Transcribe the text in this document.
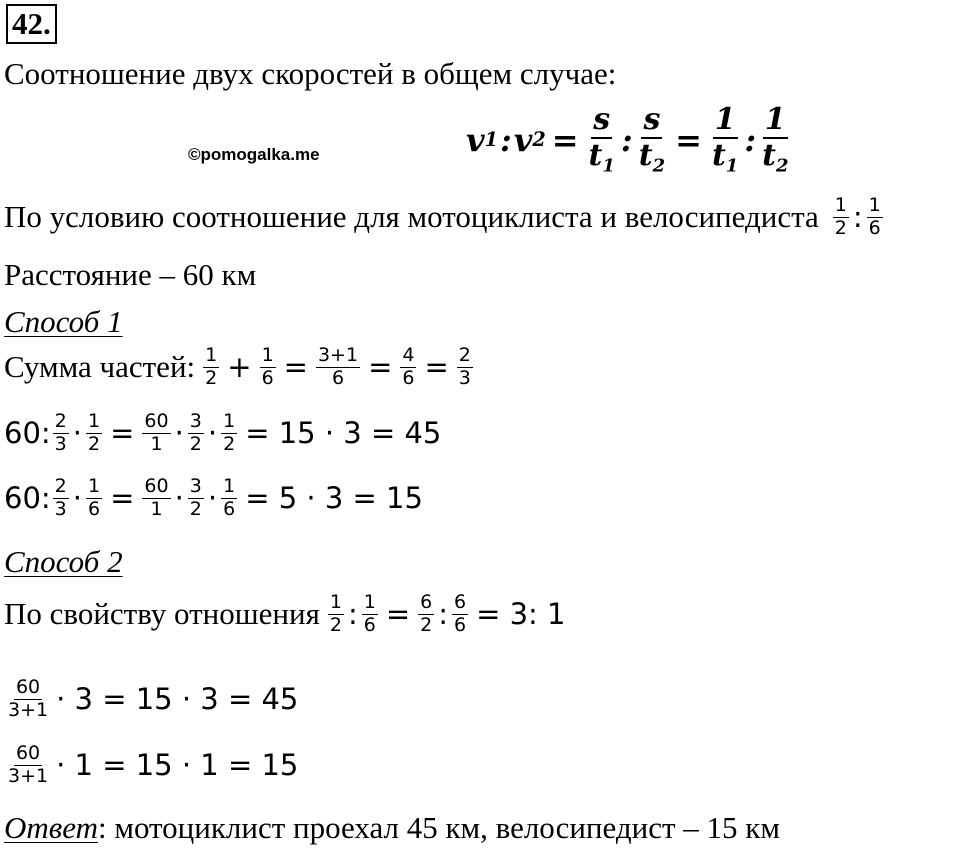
42.
Соотношение двух скоростей в общем случае:
©pomogalka.me	v 1 : v $2 = \frac{s}{t_1}$ : $\frac{s}{t_2} = \frac{1}{t_1}$ : $\frac{1}{t_2}$
По условию соотношение для мотоциклиста и велосипедиста $\frac{1}{2}$ : $\frac{1}{6}$
Расстояние – 60 км
Способ 1
Сумма частей: $\frac{1}{2} + \frac{1}{6} = \frac{3+1}{6} = \frac{4}{6} = \frac{2}{3}$
60: $\frac{2}{3} \cdot \frac{1}{2} = \frac{60}{1} \cdot \frac{3}{2} \cdot \frac{1}{2} = 15 \cdot 3 = 45$
60: $\frac{2}{3} \cdot \frac{1}{6} = \frac{60}{1} \cdot \frac{3}{2} \cdot \frac{1}{6} = 5 \cdot 3 = 15$
Способ 2
По свойству отношения $\frac{1}{2}$ : $\frac{1}{6} = \frac{6}{2}$ : $\frac{6}{6} = 3$: 1
$\frac{60}{3+1} \cdot 3 = 15 \cdot 3 = 45$
$\frac{60}{3+1} \cdot 1 = 15 \cdot 1 = 15$
Ответ: мотоциклист проехал 45 км, велосипедист – 15 км
